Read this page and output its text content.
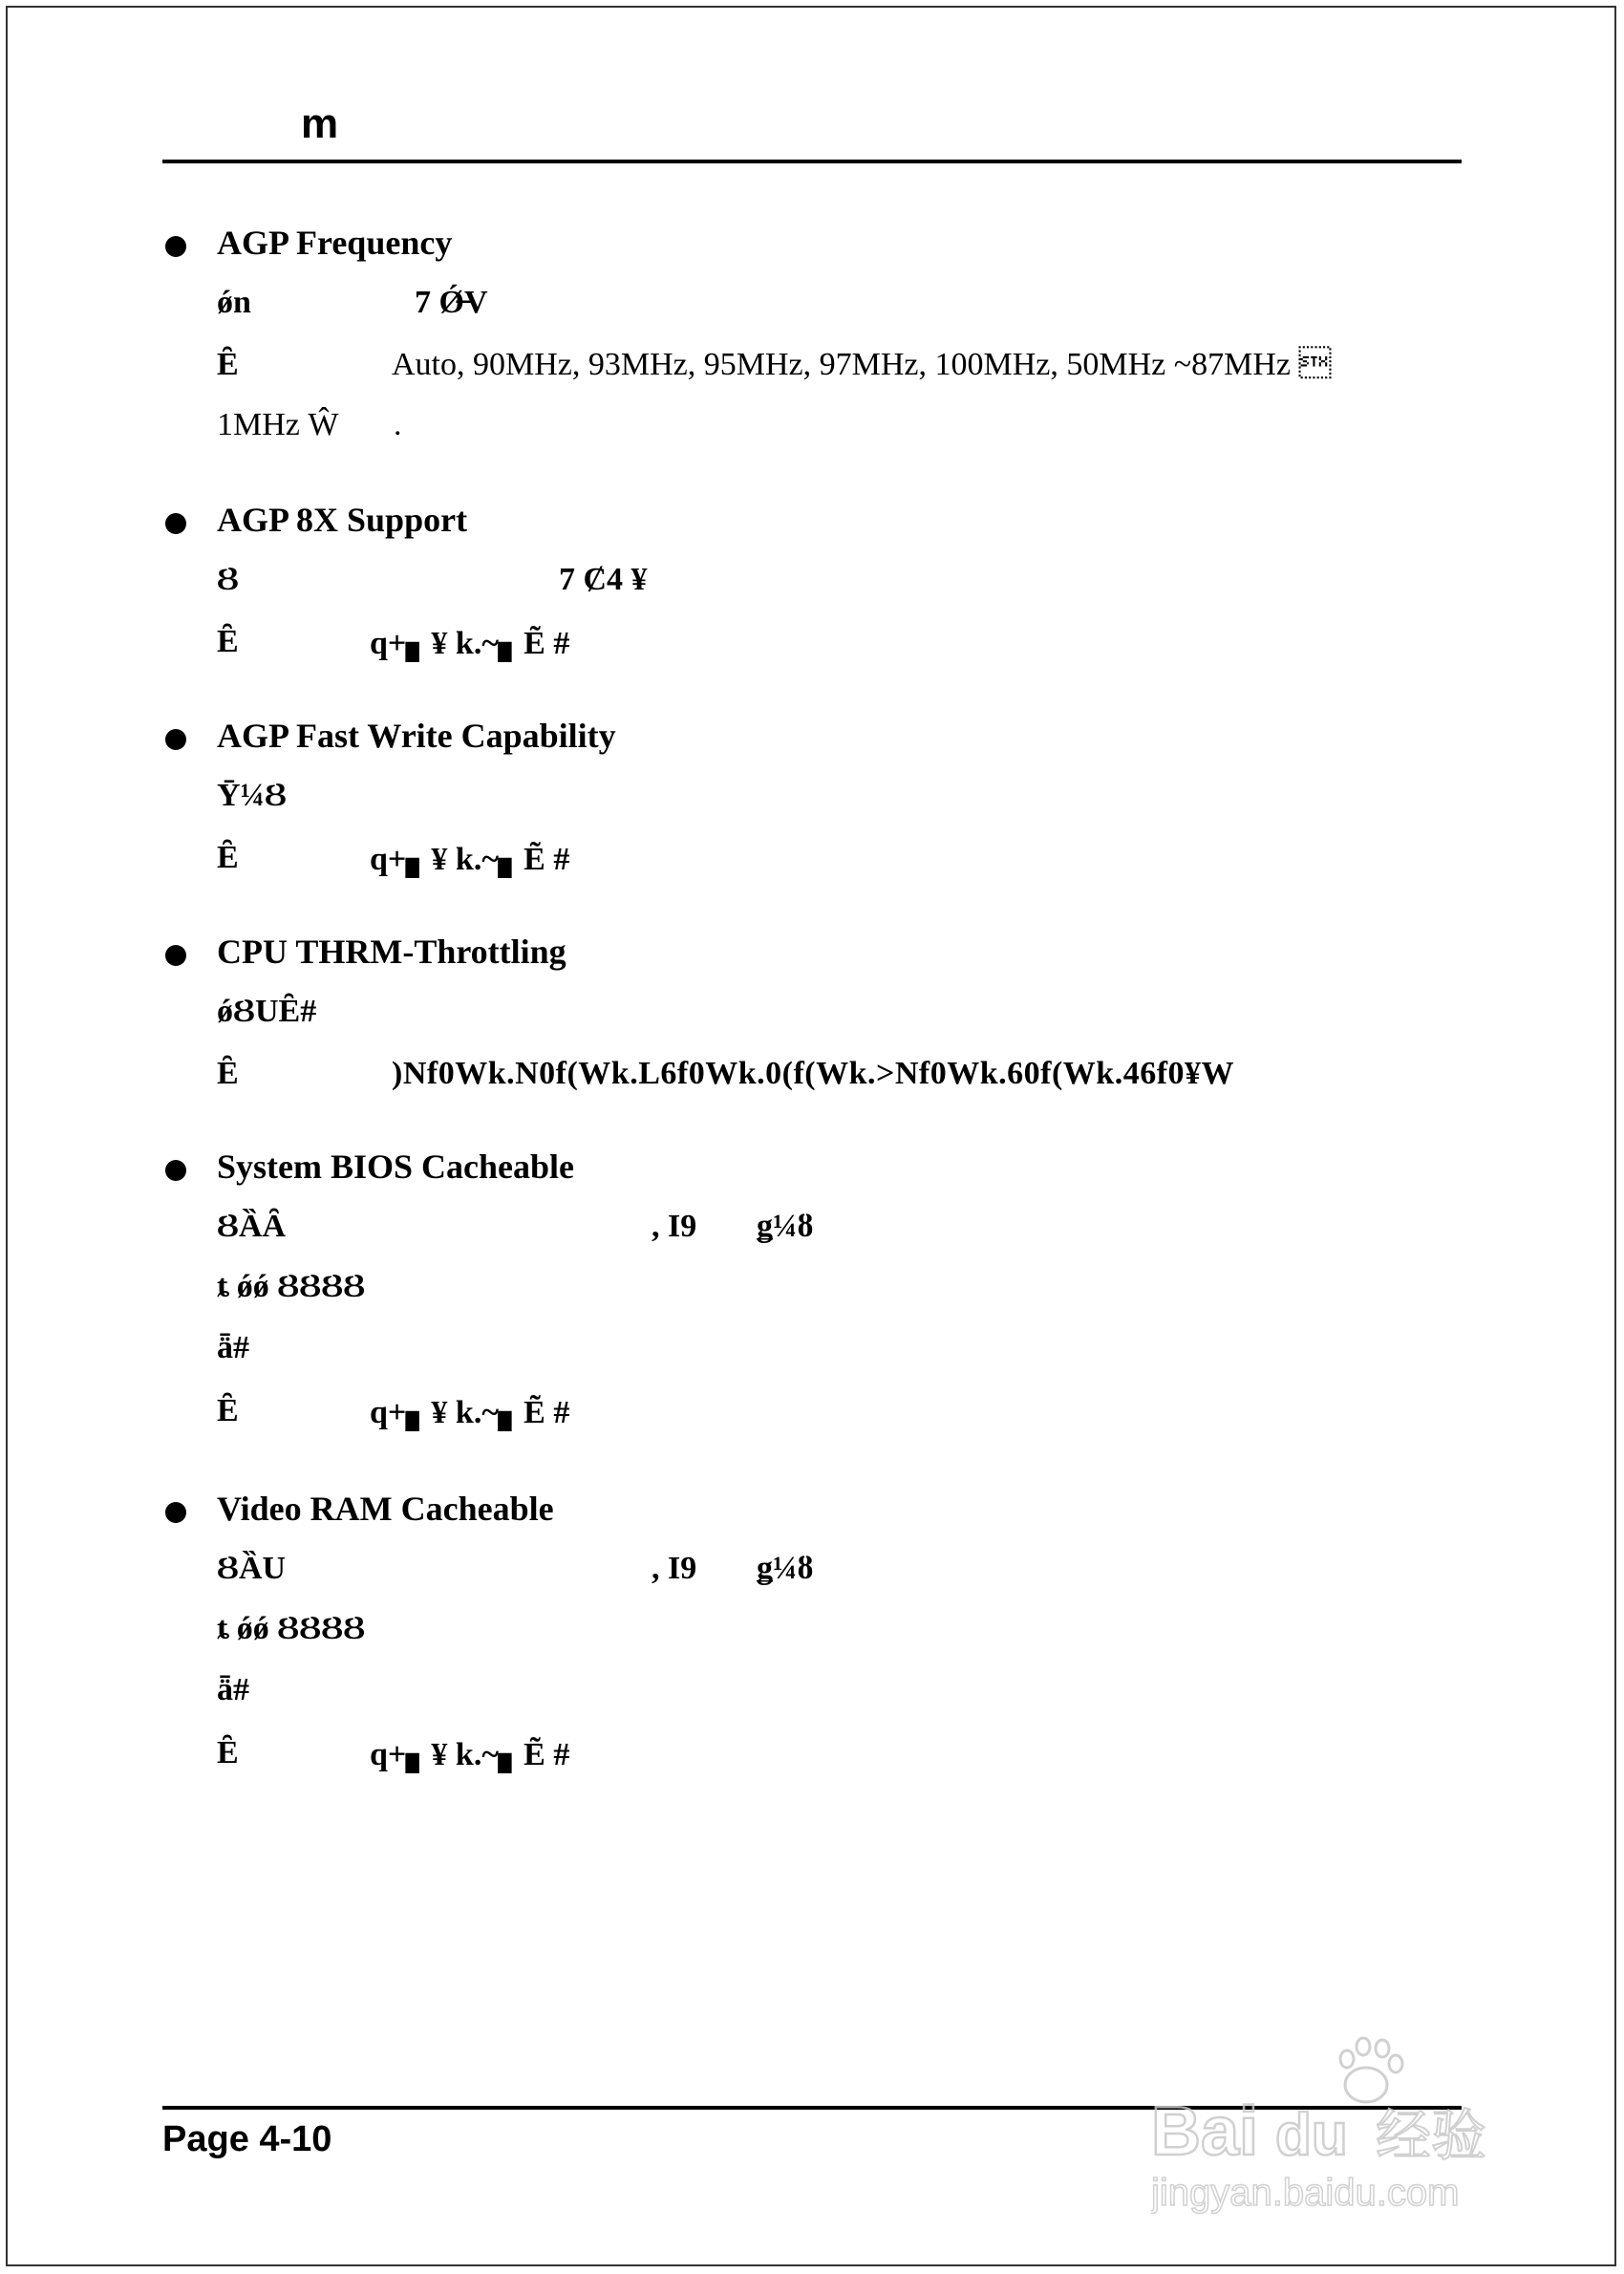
m
AGP Frequency
ǿn	7 Ǿ̶V
Ȇ	Auto, 90MHz, 93MHz, 95MHz, 97MHz, 100MHz, 50MHz ~87MHz 
1MHz Ŵ .
AGP 8X Support
Ȣ	7 Ȼ4 ¥
Ȇ	q+▖¥ k.~▖Ẽ #
AGP Fast Write Capability
Ȳ¼Ȣ
Ȇ	q+▖¥ k.~▖Ẽ #
CPU THRM-Throttling
ǿȢUȆ#
Ȇ	)Nf0Wk.N0f(Wk.L6f0Wk.0(f(Wk.>Nf0Wk.60f(Wk.46f0¥W
System BIOS Cacheable
ȢȀȂ	, I9 ǥ¼ȣ
ȶ ǿǿ ȢȢȢȢ
ǟ#
Ȇ	q+▖¥ k.~▖Ẽ #
Video RAM Cacheable
ȢȀU	, I9 ǥ¼ȣ
ȶ ǿǿ ȢȢȢȢ
ǟ#
Ȇ	q+▖¥ k.~▖Ẽ #
Page 4-10	Bai du 经验
jingyan.baidu.com
